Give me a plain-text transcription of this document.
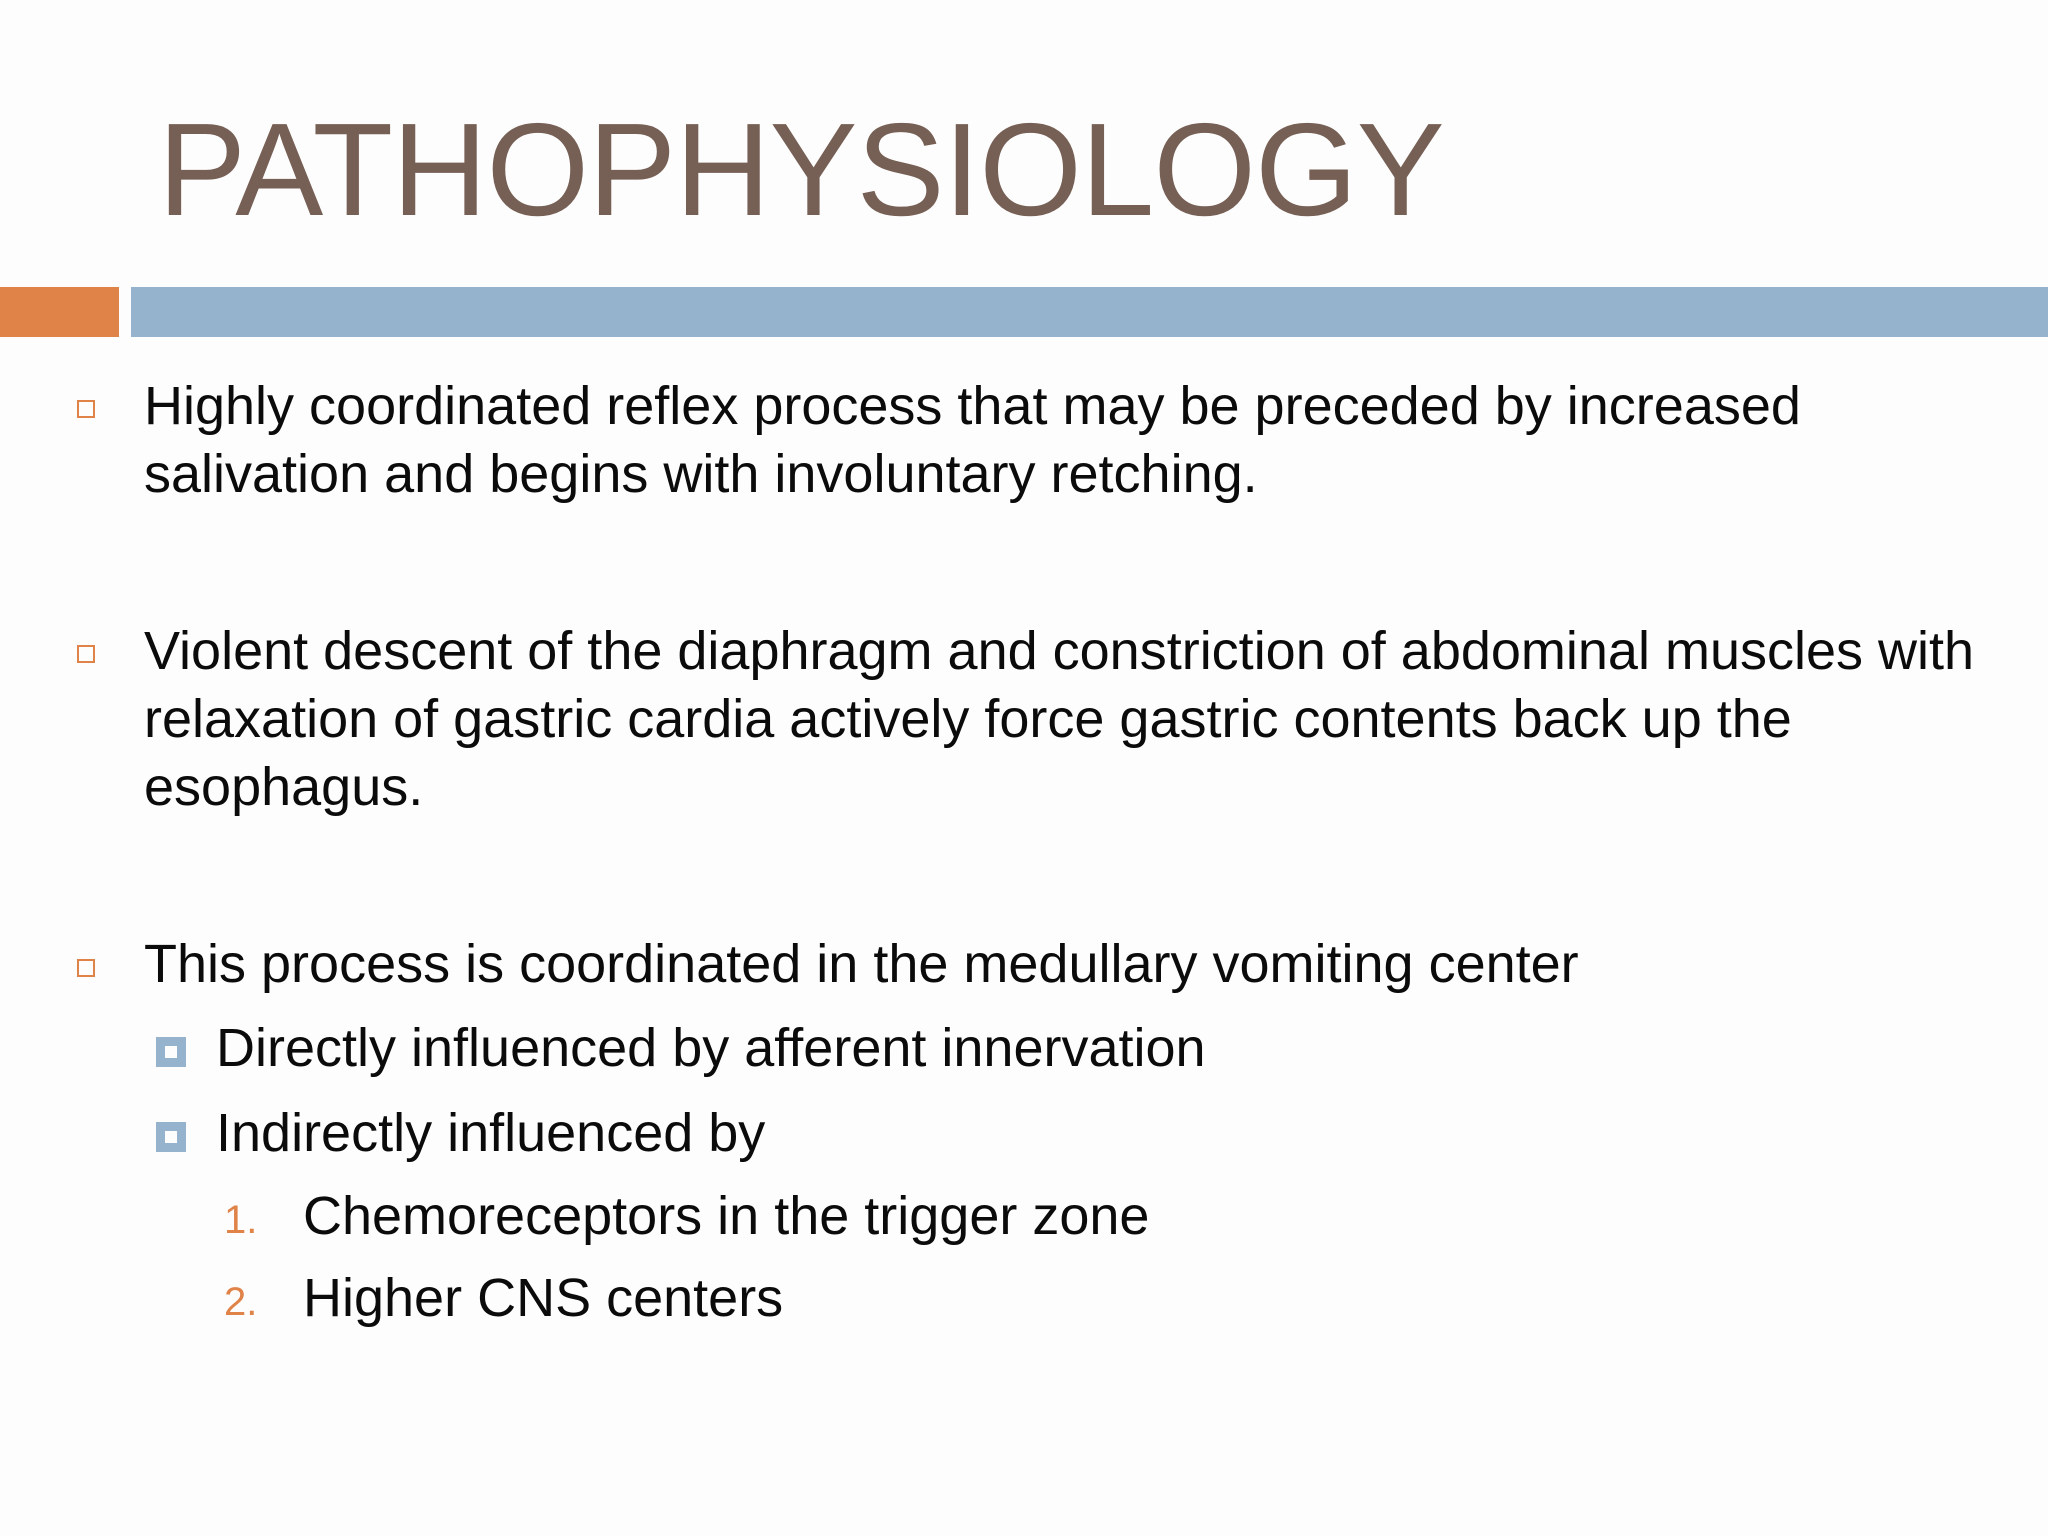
PATHOPHYSIOLOGY

Highly coordinated reflex process that may be preceded by increased salivation and begins with involuntary retching.

Violent descent of the diaphragm and constriction of abdominal muscles with relaxation of gastric cardia actively force gastric contents back up the esophagus.

This process is coordinated in the medullary vomiting center

Directly influenced by afferent innervation

Indirectly influenced by

1. Chemoreceptors in the trigger zone
2. Higher CNS centers
